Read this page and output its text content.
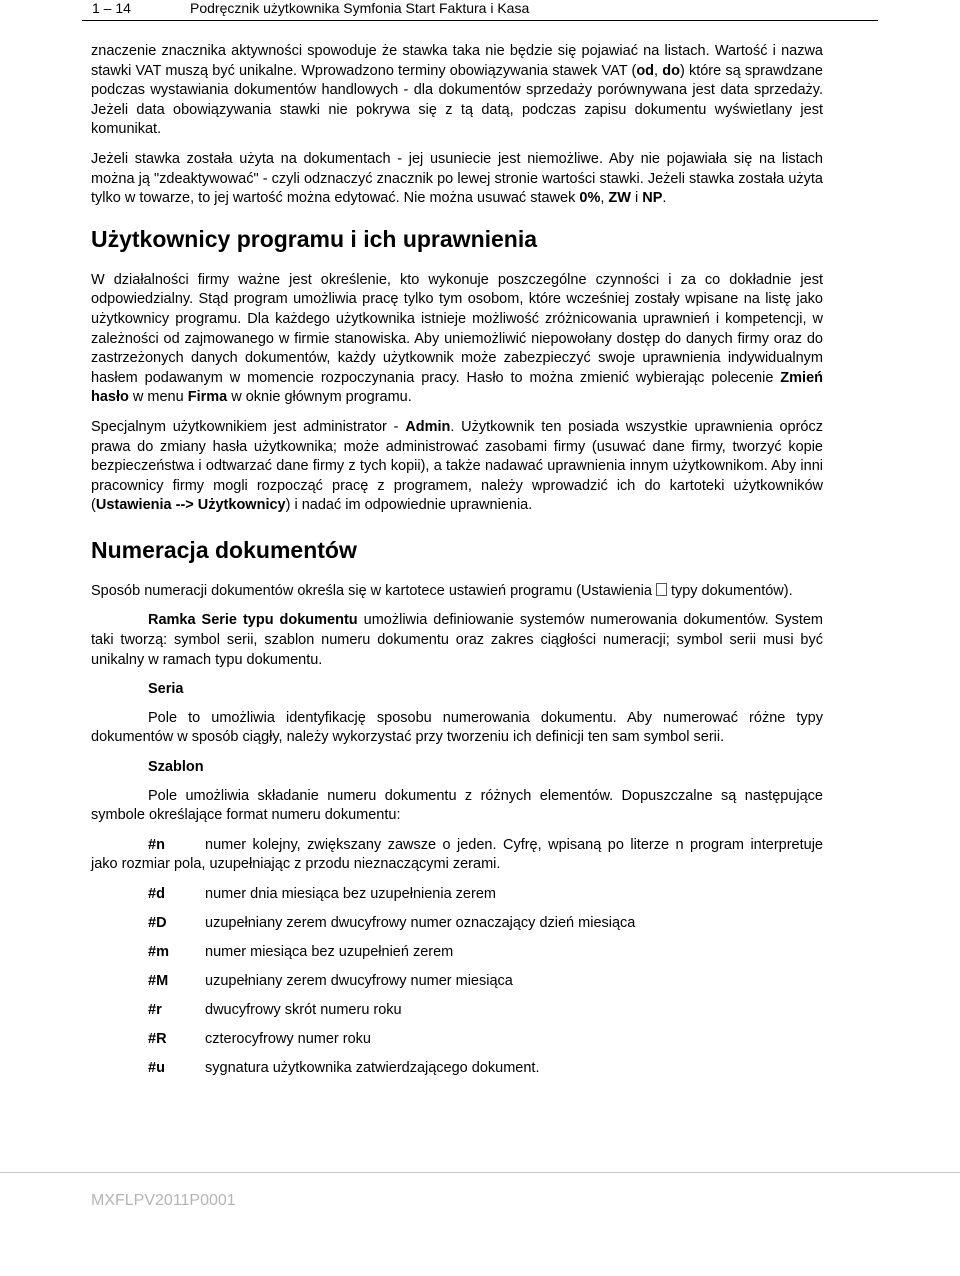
1 – 14	Podręcznik użytkownika Symfonia Start Faktura i Kasa

znaczenie znacznika aktywności spowoduje że stawka taka nie będzie się pojawiać na listach. Wartość i nazwa stawki VAT muszą być unikalne. Wprowadzono terminy obowiązywania stawek VAT (od, do) które są sprawdzane podczas wystawiania dokumentów handlowych - dla dokumentów sprzedaży porównywana jest data sprzedaży. Jeżeli data obowiązywania stawki nie pokrywa się z tą datą, podczas zapisu dokumentu wyświetlany jest komunikat.

Jeżeli stawka została użyta na dokumentach - jej usuniecie jest niemożliwe. Aby nie pojawiała się na listach można ją "zdeaktywować" - czyli odznaczyć znacznik po lewej stronie wartości stawki. Jeżeli stawka została użyta tylko w towarze, to jej wartość można edytować. Nie można usuwać stawek 0%, ZW i NP.

Użytkownicy programu i ich uprawnienia

W działalności firmy ważne jest określenie, kto wykonuje poszczególne czynności i za co dokładnie jest odpowiedzialny. Stąd program umożliwia pracę tylko tym osobom, które wcześniej zostały wpisane na listę jako użytkownicy programu. Dla każdego użytkownika istnieje możliwość zróżnicowania uprawnień i kompetencji, w zależności od zajmowanego w firmie stanowiska. Aby uniemożliwić niepowołany dostęp do danych firmy oraz do zastrzeżonych danych dokumentów, każdy użytkownik może zabezpieczyć swoje uprawnienia indywidualnym hasłem podawanym w momencie rozpoczynania pracy. Hasło to można zmienić wybierając polecenie Zmień hasło w menu Firma w oknie głównym programu.

Specjalnym użytkownikiem jest administrator - Admin. Użytkownik ten posiada wszystkie uprawnienia oprócz prawa do zmiany hasła użytkownika; może administrować zasobami firmy (usuwać dane firmy, tworzyć kopie bezpieczeństwa i odtwarzać dane firmy z tych kopii), a także nadawać uprawnienia innym użytkownikom. Aby inni pracownicy firmy mogli rozpocząć pracę z programem, należy wprowadzić ich do kartoteki użytkowników (Ustawienia --> Użytkownicy) i nadać im odpowiednie uprawnienia.

Numeracja dokumentów

Sposób numeracji dokumentów określa się w kartotece ustawień programu (Ustawienia typy dokumentów).

Ramka Serie typu dokumentu umożliwia definiowanie systemów numerowania dokumentów. System taki tworzą: symbol serii, szablon numeru dokumentu oraz zakres ciągłości numeracji; symbol serii musi być unikalny w ramach typu dokumentu.

Seria

Pole to umożliwia identyfikację sposobu numerowania dokumentu. Aby numerować różne typy dokumentów w sposób ciągły, należy wykorzystać przy tworzeniu ich definicji ten sam symbol serii.

Szablon

Pole umożliwia składanie numeru dokumentu z różnych elementów. Dopuszczalne są następujące symbole określające format numeru dokumentu:

#n	numer kolejny, zwiększany zawsze o jeden. Cyfrę, wpisaną po literze n program interpretuje jako rozmiar pola, uzupełniając z przodu nieznaczącymi zerami.

#d	numer dnia miesiąca bez uzupełnienia zerem
#D	uzupełniany zerem dwucyfrowy numer oznaczający dzień miesiąca
#m	numer miesiąca bez uzupełnień zerem
#M	uzupełniany zerem dwucyfrowy numer miesiąca
#r	dwucyfrowy skrót numeru roku
#R	czterocyfrowy numer roku
#u	sygnatura użytkownika zatwierdzającego dokument.
MXFLPV2011P0001
